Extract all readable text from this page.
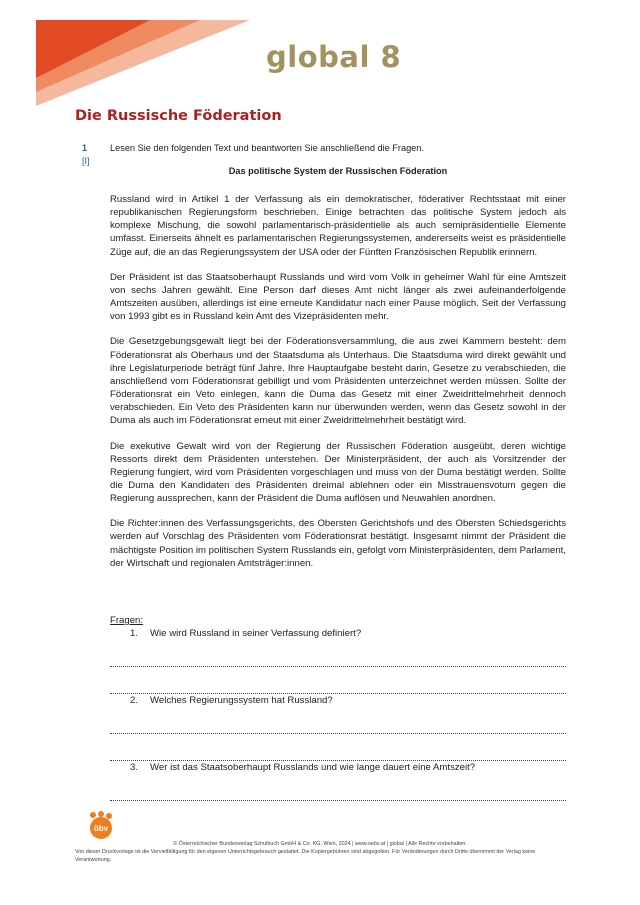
global 8
Die Russische Föderation
1
[I]
Lesen Sie den folgenden Text und beantworten Sie anschließend die Fragen.
Das politische System der Russischen Föderation

Russland wird in Artikel 1 der Verfassung als ein demokratischer, föderativer Rechtsstaat mit einer republikanischen Regierungsform beschrieben. Einige betrachten das politische System jedoch als komplexe Mischung, die sowohl parlamentarisch-präsidentielle als auch semipräsidentielle Elemente umfasst. Einerseits ähnelt es parlamentarischen Regierungssystemen, andererseits weist es präsidentielle Züge auf, die an das Regierungssystem der USA oder der Fünften Französischen Republik erinnern.

Der Präsident ist das Staatsoberhaupt Russlands und wird vom Volk in geheimer Wahl für eine Amtszeit von sechs Jahren gewählt. Eine Person darf dieses Amt nicht länger als zwei aufeinanderfolgende Amtszeiten ausüben, allerdings ist eine erneute Kandidatur nach einer Pause möglich. Seit der Verfassung von 1993 gibt es in Russland kein Amt des Vizepräsidenten mehr.

Die Gesetzgebungsgewalt liegt bei der Föderationsversammlung, die aus zwei Kammern besteht: dem Föderationsrat als Oberhaus und der Staatsduma als Unterhaus. Die Staatsduma wird direkt gewählt und ihre Legislaturperiode beträgt fünf Jahre. Ihre Hauptaufgabe besteht darin, Gesetze zu verabschieden, die anschließend vom Föderationsrat gebilligt und vom Präsidenten unterzeichnet werden müssen. Sollte der Föderationsrat ein Veto einlegen, kann die Duma das Gesetz mit einer Zweidrittelmehrheit dennoch verabschieden. Ein Veto des Präsidenten kann nur überwunden werden, wenn das Gesetz sowohl in der Duma als auch im Föderationsrat erneut mit einer Zweidrittelmehrheit bestätigt wird.

Die exekutive Gewalt wird von der Regierung der Russischen Föderation ausgeübt, deren wichtige Ressorts direkt dem Präsidenten unterstehen. Der Ministerpräsident, der auch als Vorsitzender der Regierung fungiert, wird vom Präsidenten vorgeschlagen und muss von der Duma bestätigt werden. Sollte die Duma den Kandidaten des Präsidenten dreimal ablehnen oder ein Misstrauensvotum gegen die Regierung aussprechen, kann der Präsident die Duma auflösen und Neuwahlen anordnen.

Die Richter:innen des Verfassungsgerichts, des Obersten Gerichtshofs und des Obersten Schiedsgerichts werden auf Vorschlag des Präsidenten vom Föderationsrat bestätigt. Insgesamt nimmt der Präsident die mächtigste Position im politischen System Russlands ein, gefolgt vom Ministerpräsidenten, dem Parlament, der Wirtschaft und regionalen Amtsträger:innen.

Fragen:
1.	Wie wird Russland in seiner Verfassung definiert?
2.	Welches Regierungssystem hat Russland?
3.	Wer ist das Staatsoberhaupt Russlands und wie lange dauert eine Amtszeit?
öbv
© Österreichischer Bundesverlag Schulbuch GmbH & Co. KG, Wien, 2024 | www.oebv.at | global | Alle Rechte vorbehalten.
Von dieser Druckvorlage ist die Vervielfältigung für den eigenen Unterrichtsgebrauch gestattet. Die Kopiergebühren sind abgegolten. Für Veränderungen durch Dritte übernimmt der Verlag keine Verantwortung.
